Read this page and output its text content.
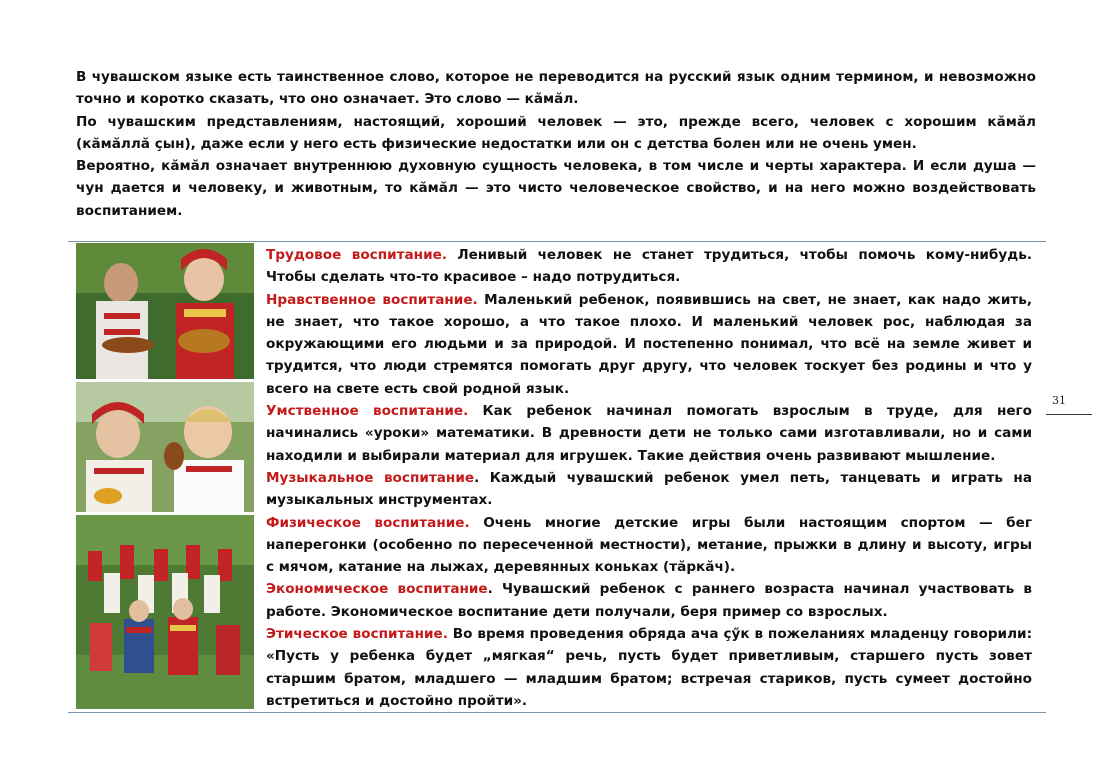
В чувашском языке есть таинственное слово, которое не переводится на русский язык одним термином, и невозможно точно и коротко сказать, что оно означает. Это слово — кӑмӑл.

По чувашским представлениям, настоящий, хороший человек — это, прежде всего, человек с хорошим кӑмӑл (кӑмӑллӑ ҫын), даже если у него есть физические недостатки или он с детства болен или не очень умен.

Вероятно, кӑмӑл означает внутреннюю духовную сущность человека, в том числе и черты характера. И если душа — чун дается и человеку, и животным, то кӑмӑл — это чисто человеческое свойство, и на него можно воздействовать воспитанием.

Трудовое воспитание. Ленивый человек не станет трудиться, чтобы помочь кому-нибудь. Чтобы сделать что-то красивое – надо потрудиться.

Нравственное воспитание. Маленький ребенок, появившись на свет, не знает, как надо жить, не знает, что такое хорошо, а что такое плохо. И маленький человек рос, наблюдая за окружающими его людьми и за природой. И постепенно понимал, что всё на земле живет и трудится, что люди стремятся помогать друг другу, что человек тоскует без родины и что у всего на свете есть свой родной язык.

Умственное воспитание. Как ребенок начинал помогать взрослым в труде, для него начинались «уроки» математики. В древности дети не только сами изготавливали, но и сами находили и выбирали материал для игрушек. Такие действия очень развивают мышление.

Музыкальное воспитание. Каждый чувашский ребенок умел петь, танцевать и играть на музыкальных инструментах.

Физическое воспитание. Очень многие детские игры были настоящим спортом — бег наперегонки (особенно по пересеченной местности), метание, прыжки в длину и высоту, игры с мячом, катание на лыжах, деревянных коньках (тӑркӑч).

Экономическое воспитание. Чувашский ребенок с раннего возраста начинал участвовать в работе. Экономическое воспитание дети получали, беря пример со взрослых.

Этическое воспитание. Во время проведения обряда ача ҫӳк в пожеланиях младенцу говорили: «Пусть у ребенка будет „мягкая“ речь, пусть будет приветливым, старшего пусть зовет старшим братом, младшего — младшим братом; встречая стариков, пусть сумеет достойно встретиться и достойно пройти».

31
